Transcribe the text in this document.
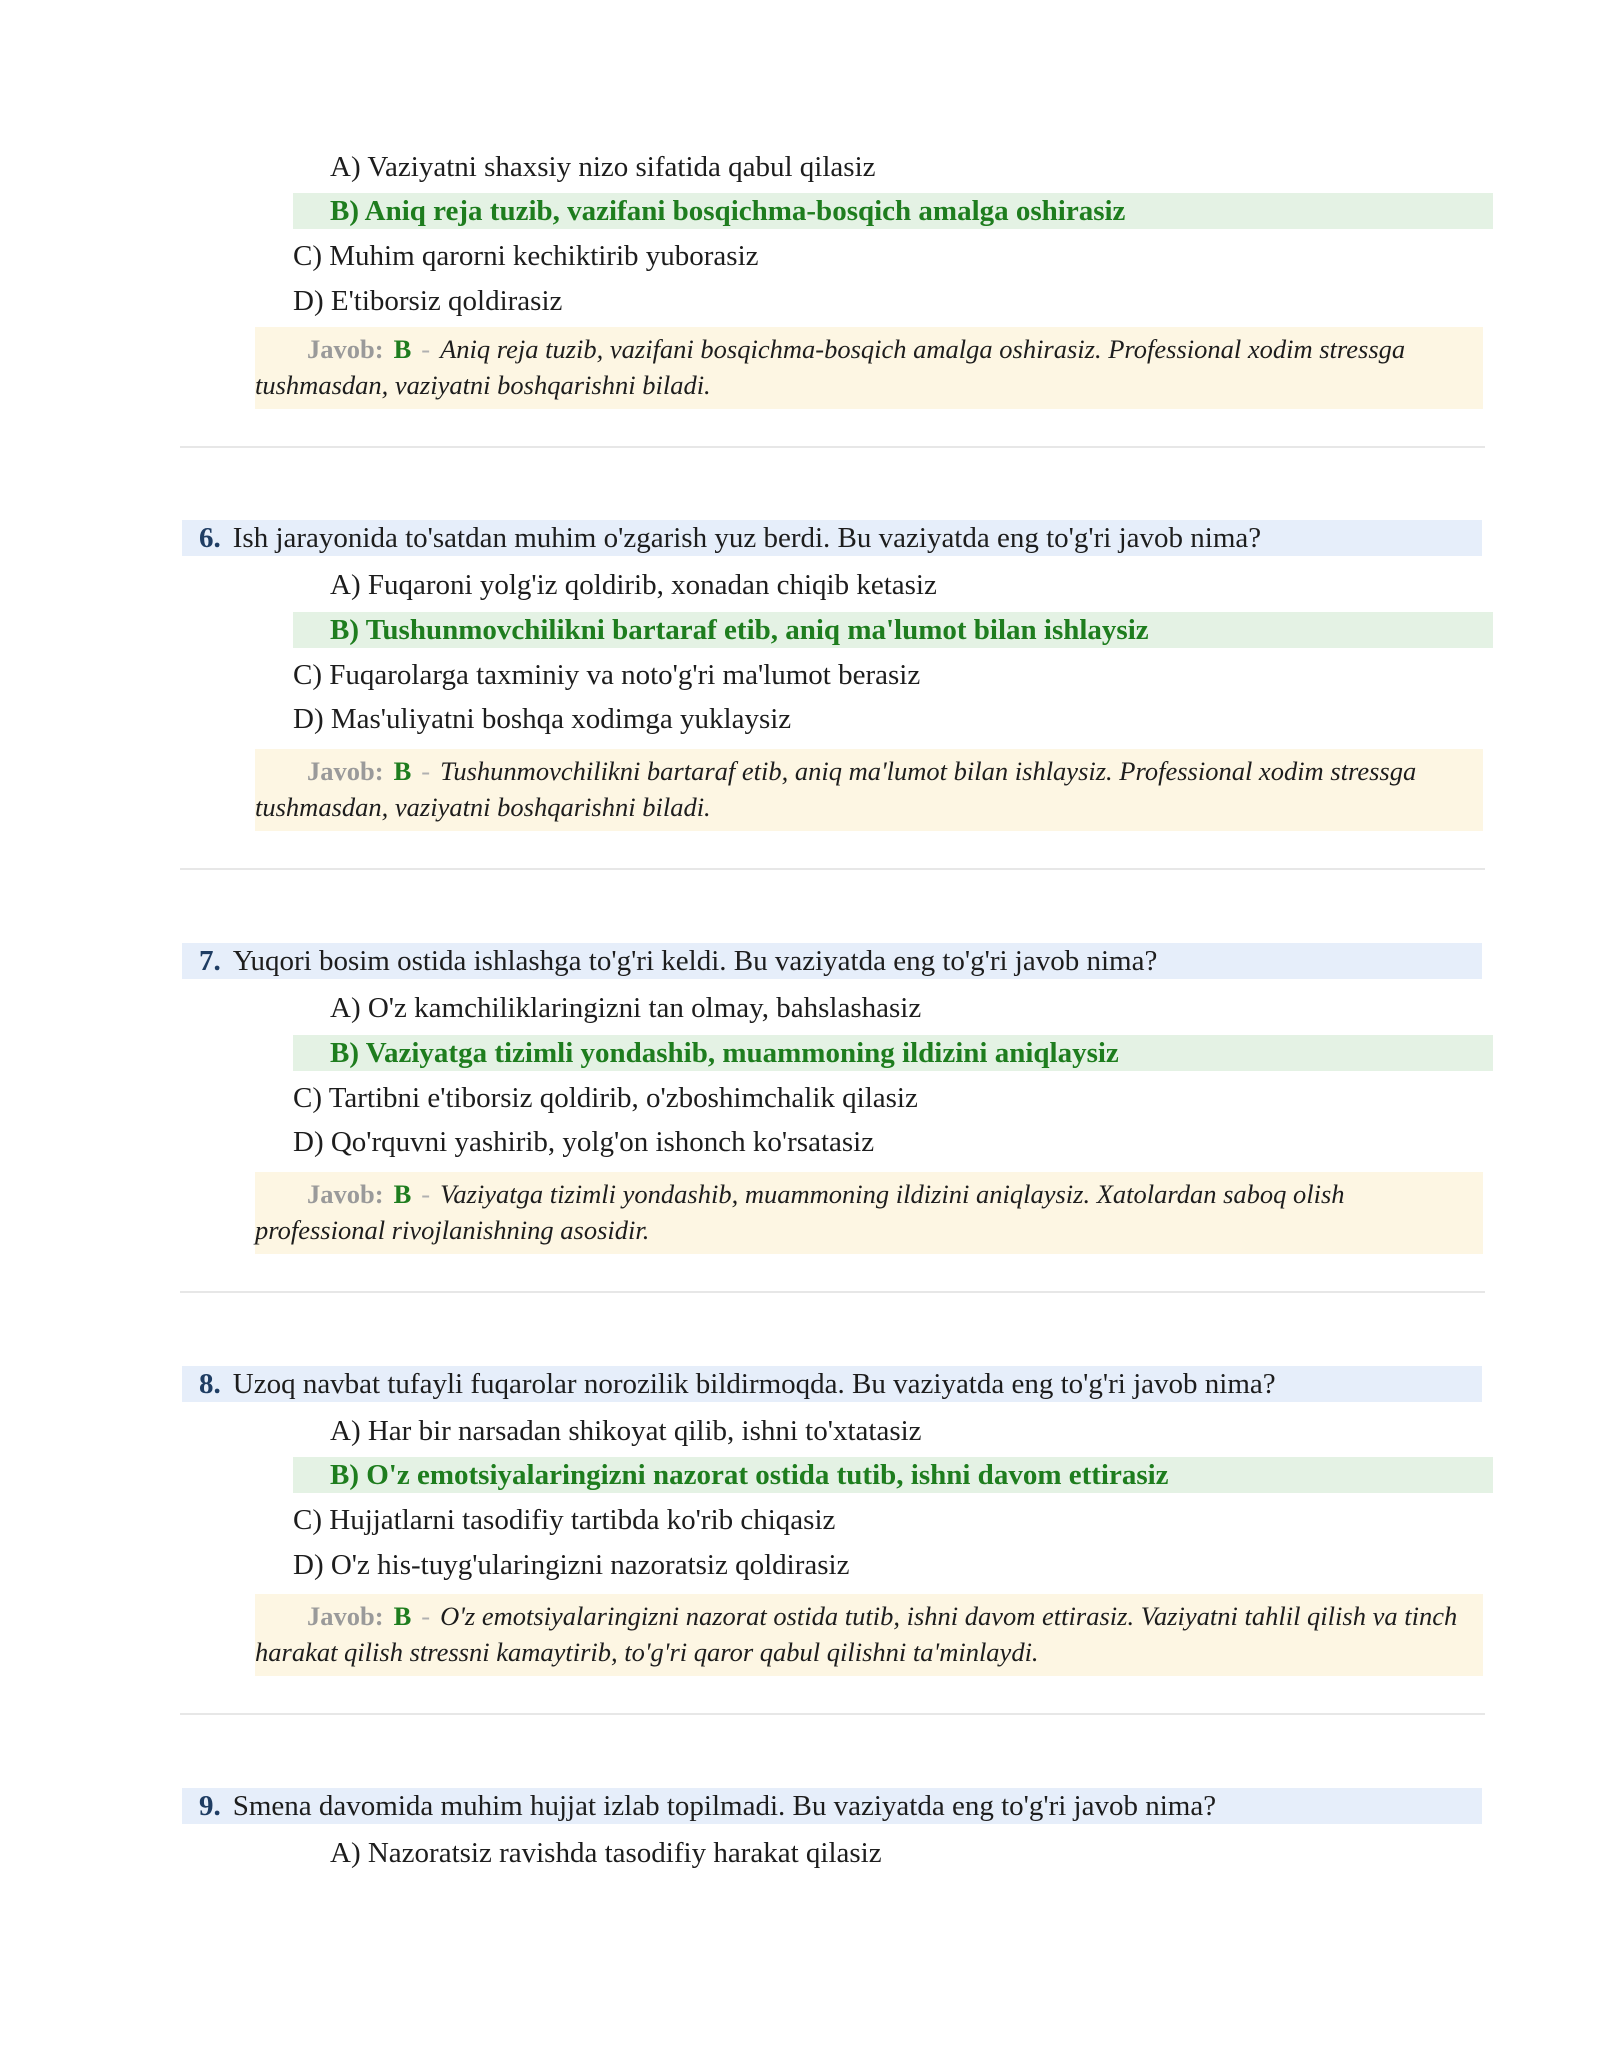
A) Vaziyatni shaxsiy nizo sifatida qabul qilasiz
B) Aniq reja tuzib, vazifani bosqichma-bosqich amalga oshirasiz
C) Muhim qarorni kechiktirib yuborasiz
D) E'tiborsiz qoldirasiz
Javob: B - Aniq reja tuzib, vazifani bosqichma-bosqich amalga oshirasiz. Professional xodim stressga tushmasdan, vaziyatni boshqarishni biladi.
6. Ish jarayonida to'satdan muhim o'zgarish yuz berdi. Bu vaziyatda eng to'g'ri javob nima?
A) Fuqaroni yolg'iz qoldirib, xonadan chiqib ketasiz
B) Tushunmovchilikni bartaraf etib, aniq ma'lumot bilan ishlaysiz
C) Fuqarolarga taxminiy va noto'g'ri ma'lumot berasiz
D) Mas'uliyatni boshqa xodimga yuklaysiz
Javob: B - Tushunmovchilikni bartaraf etib, aniq ma'lumot bilan ishlaysiz. Professional xodim stressga tushmasdan, vaziyatni boshqarishni biladi.
7. Yuqori bosim ostida ishlashga to'g'ri keldi. Bu vaziyatda eng to'g'ri javob nima?
A) O'z kamchiliklaringizni tan olmay, bahslashasiz
B) Vaziyatga tizimli yondashib, muammoning ildizini aniqlaysiz
C) Tartibni e'tiborsiz qoldirib, o'zboshimchalik qilasiz
D) Qo'rquvni yashirib, yolg'on ishonch ko'rsatasiz
Javob: B - Vaziyatga tizimli yondashib, muammoning ildizini aniqlaysiz. Xatolardan saboq olish professional rivojlanishning asosidir.
8. Uzoq navbat tufayli fuqarolar norozilik bildirmoqda. Bu vaziyatda eng to'g'ri javob nima?
A) Har bir narsadan shikoyat qilib, ishni to'xtatasiz
B) O'z emotsiyalaringizni nazorat ostida tutib, ishni davom ettirasiz
C) Hujjatlarni tasodifiy tartibda ko'rib chiqasiz
D) O'z his-tuyg'ularingizni nazoratsiz qoldirasiz
Javob: B - O'z emotsiyalaringizni nazorat ostida tutib, ishni davom ettirasiz. Vaziyatni tahlil qilish va tinch harakat qilish stressni kamaytirib, to'g'ri qaror qabul qilishni ta'minlaydi.
9. Smena davomida muhim hujjat izlab topilmadi. Bu vaziyatda eng to'g'ri javob nima?
A) Nazoratsiz ravishda tasodifiy harakat qilasiz
